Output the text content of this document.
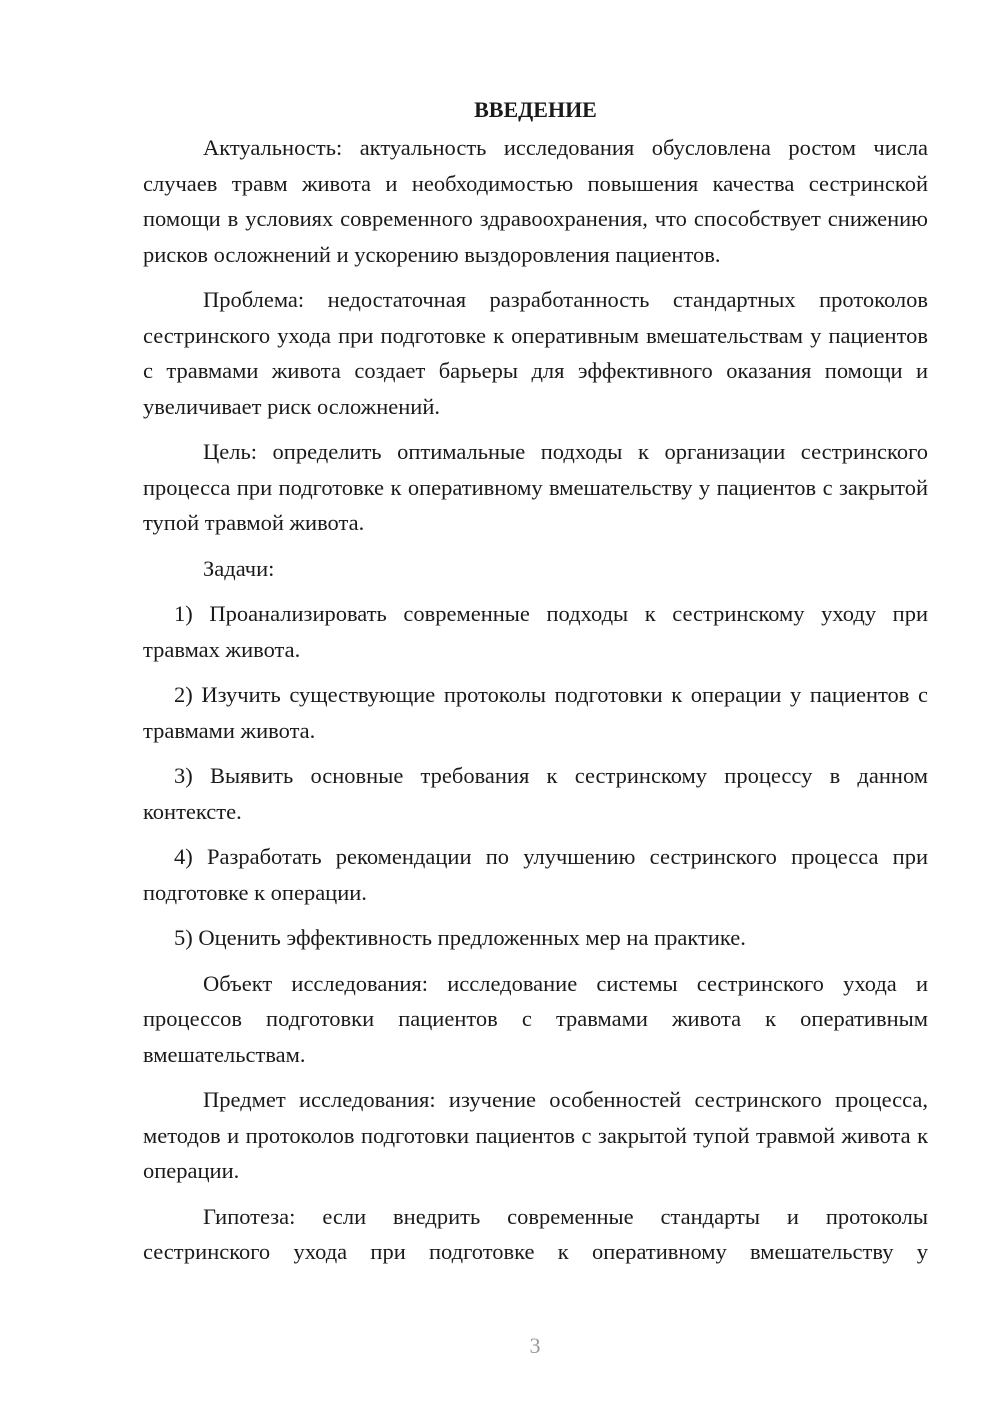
ВВЕДЕНИЕ

Актуальность: актуальность исследования обусловлена ростом числа случаев травм живота и необходимостью повышения качества сестринской помощи в условиях современного здравоохранения, что способствует снижению рисков осложнений и ускорению выздоровления пациентов.

Проблема: недостаточная разработанность стандартных протоколов сестринского ухода при подготовке к оперативным вмешательствам у пациентов с травмами живота создает барьеры для эффективного оказания помощи и увеличивает риск осложнений.

Цель: определить оптимальные подходы к организации сестринского процесса при подготовке к оперативному вмешательству у пациентов с закрытой тупой травмой живота.

Задачи:

1) Проанализировать современные подходы к сестринскому уходу при травмах живота.

2) Изучить существующие протоколы подготовки к операции у пациентов с травмами живота.

3) Выявить основные требования к сестринскому процессу в данном контексте.

4) Разработать рекомендации по улучшению сестринского процесса при подготовке к операции.

5) Оценить эффективность предложенных мер на практике.

Объект исследования: исследование системы сестринского ухода и процессов подготовки пациентов с травмами живота к оперативным вмешательствам.

Предмет исследования: изучение особенностей сестринского процесса, методов и протоколов подготовки пациентов с закрытой тупой травмой живота к операции.

Гипотеза: если внедрить современные стандарты и протоколы сестринского ухода при подготовке к оперативному вмешательству у

3
